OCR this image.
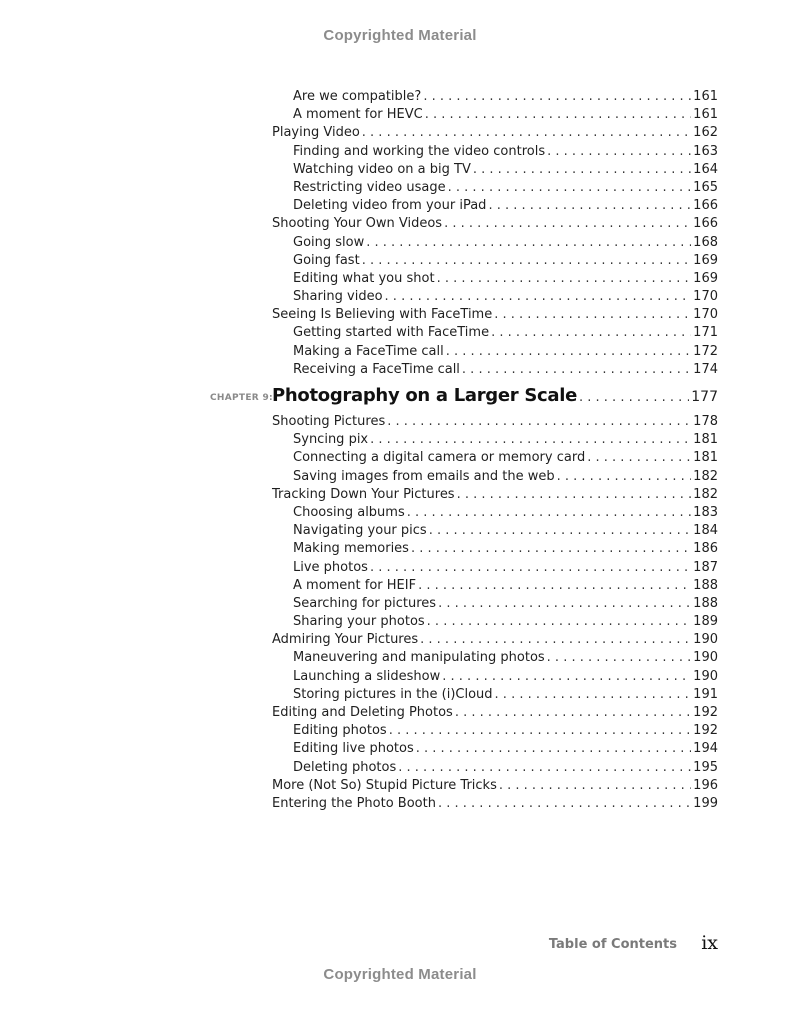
Copyrighted Material
Are we compatible? . . .	161
A moment for HEVC . . .	161
Playing Video . . .	162
Finding and working the video controls . . .	163
Watching video on a big TV . . .	164
Restricting video usage . . .	165
Deleting video from your iPad . . .	166
Shooting Your Own Videos . . .	166
Going slow . . .	168
Going fast . . .	169
Editing what you shot . . .	169
Sharing video . . .	170
Seeing Is Believing with FaceTime . . .	170
Getting started with FaceTime . . .	171
Making a FaceTime call . . .	172
Receiving a FaceTime call . . .	174
CHAPTER 9: Photography on a Larger Scale . . .	177
Shooting Pictures . . .	178
Syncing pix . . .	181
Connecting a digital camera or memory card . . .	181
Saving images from emails and the web . . .	182
Tracking Down Your Pictures . . .	182
Choosing albums . . .	183
Navigating your pics . . .	184
Making memories . . .	186
Live photos . . .	187
A moment for HEIF . . .	188
Searching for pictures . . .	188
Sharing your photos . . .	189
Admiring Your Pictures . . .	190
Maneuvering and manipulating photos . . .	190
Launching a slideshow . . .	190
Storing pictures in the (i)Cloud . . .	191
Editing and Deleting Photos . . .	192
Editing photos . . .	192
Editing live photos . . .	194
Deleting photos . . .	195
More (Not So) Stupid Picture Tricks . . .	196
Entering the Photo Booth . . .	199
Table of Contents ix
Copyrighted Material
